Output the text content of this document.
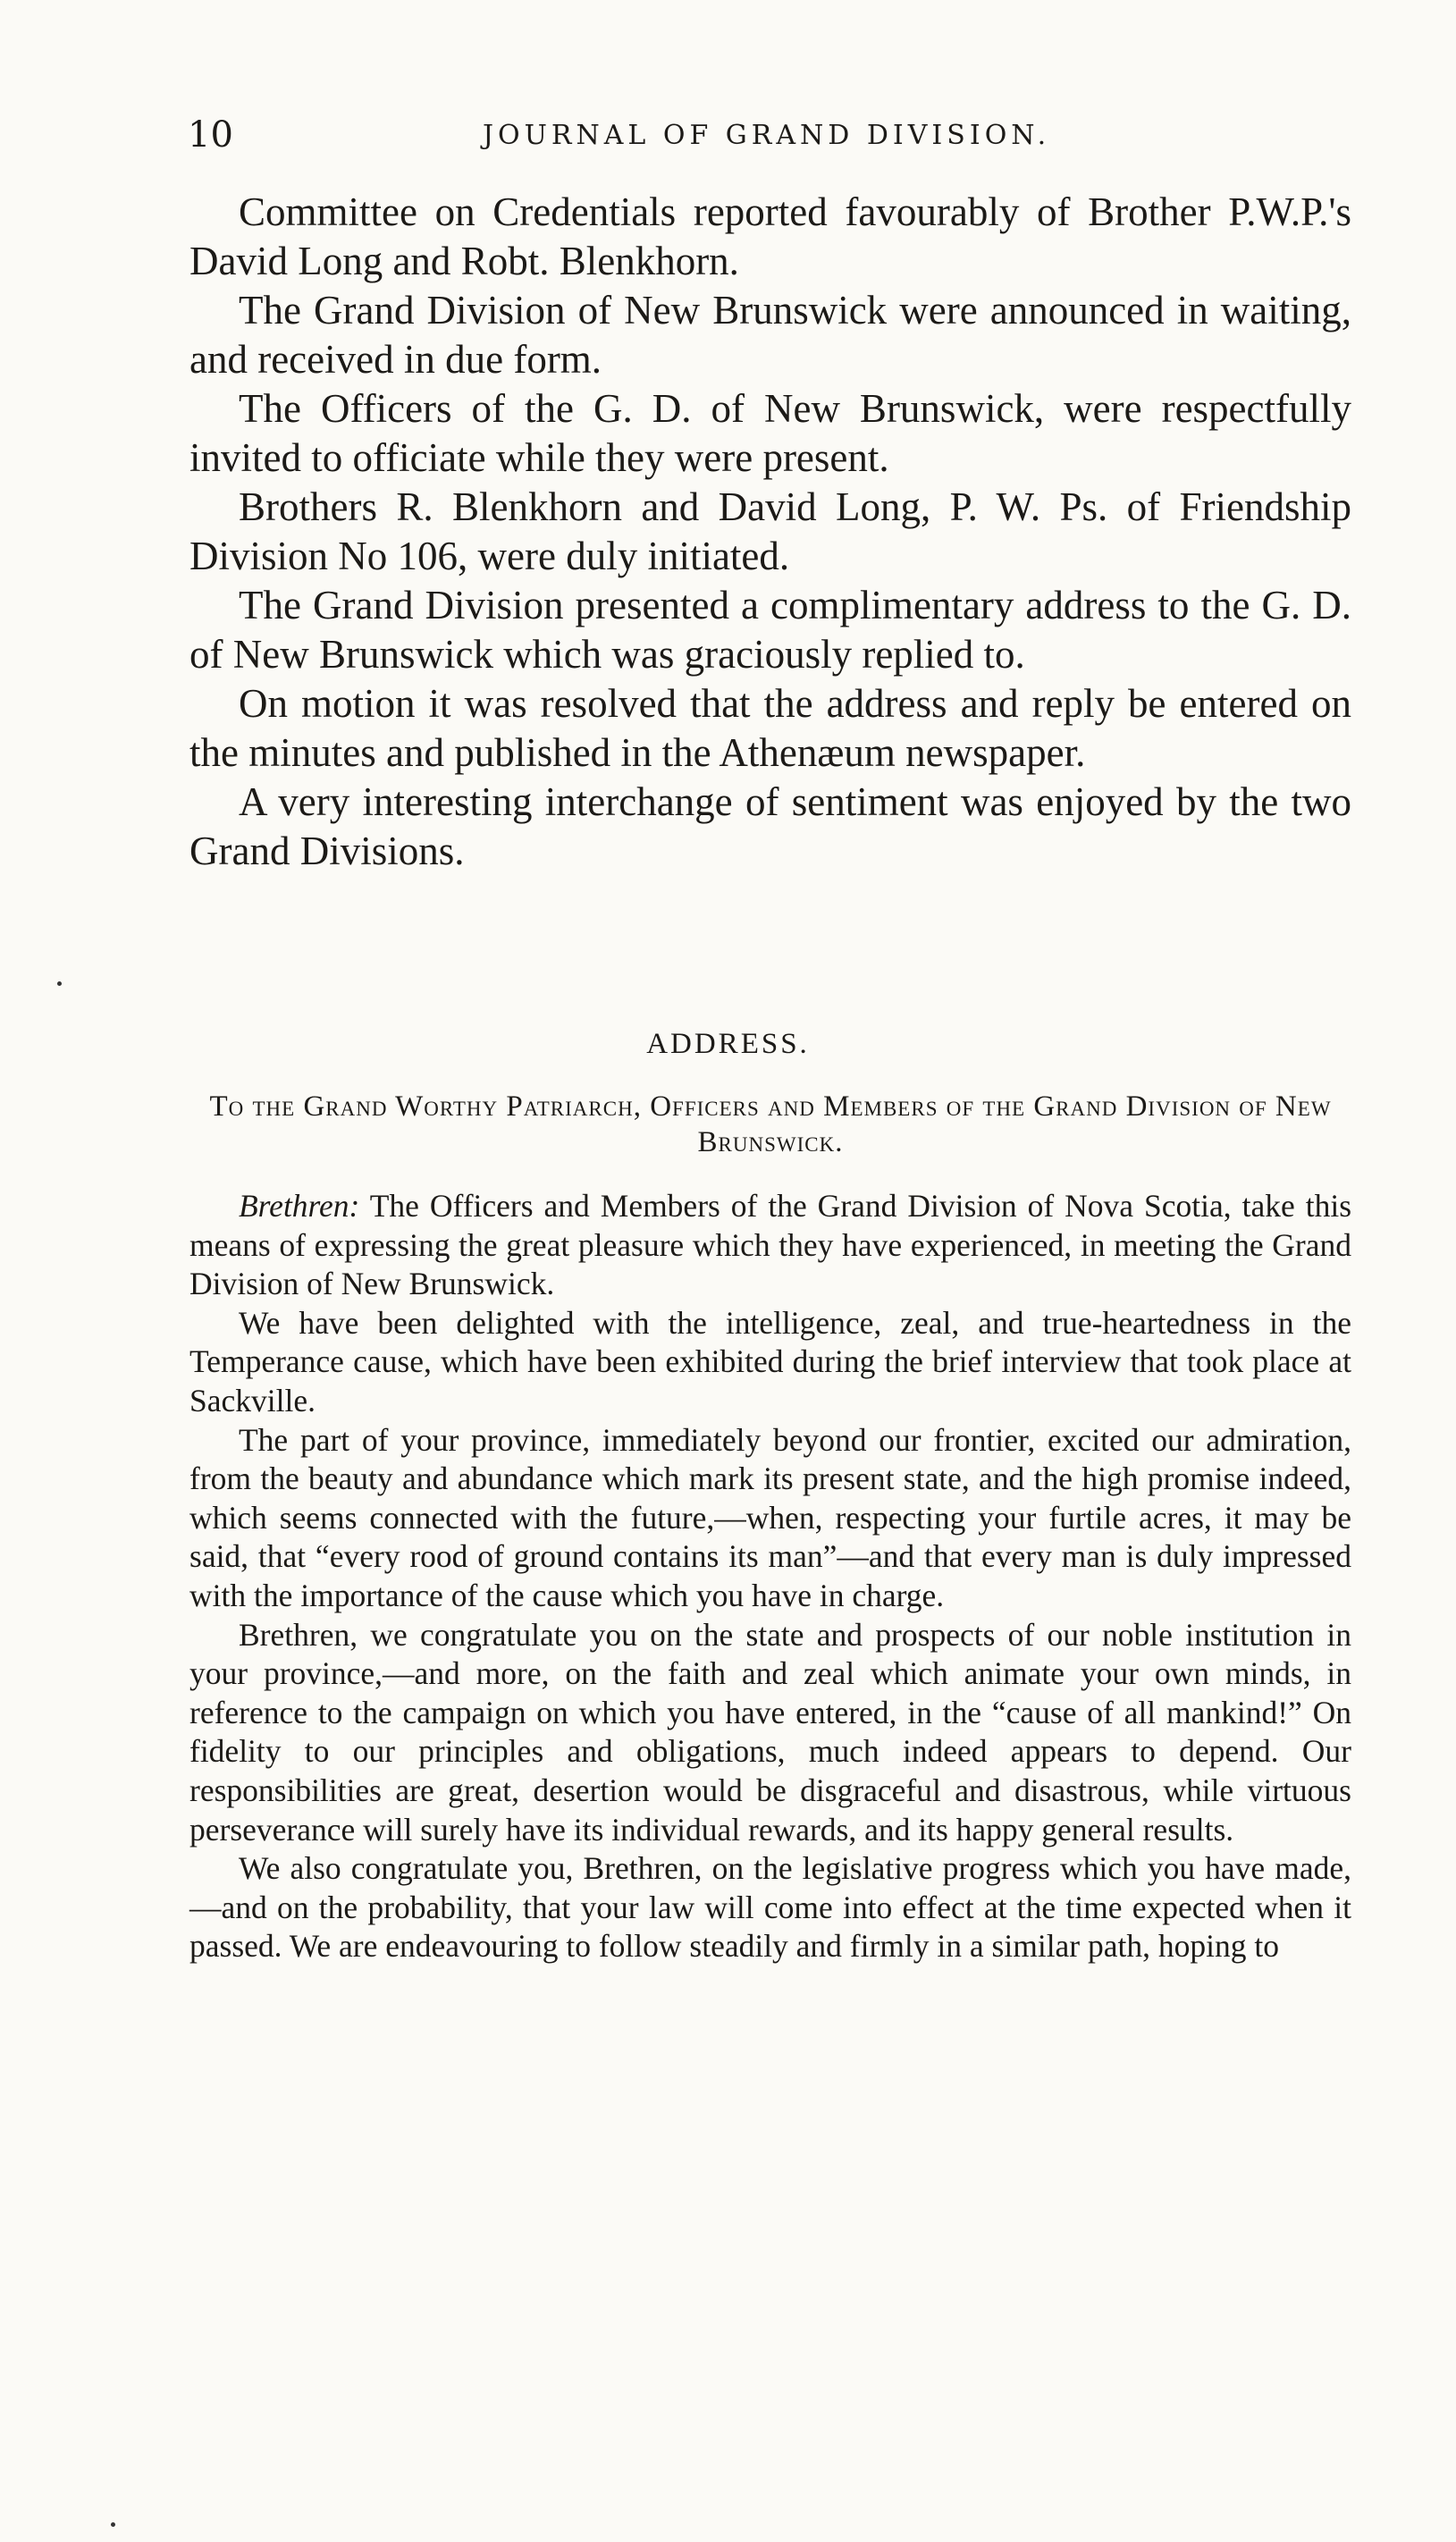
10	JOURNAL OF GRAND DIVISION.

Committee on Credentials reported favourably of Brother P.W.P.'s David Long and Robt. Blenkhorn.

The Grand Division of New Brunswick were announced in waiting, and received in due form.

The Officers of the G. D. of New Brunswick, were respectfully invited to officiate while they were present.

Brothers R. Blenkhorn and David Long, P. W. Ps. of Friendship Division No 106, were duly initiated.

The Grand Division presented a complimentary address to the G. D. of New Brunswick which was graciously replied to.

On motion it was resolved that the address and reply be entered on the minutes and published in the Athenæum newspaper.

A very interesting interchange of sentiment was enjoyed by the two Grand Divisions.

ADDRESS.
To the Grand Worthy Patriarch, Officers and Members of the Grand Division of New Brunswick.

Brethren: The Officers and Members of the Grand Division of Nova Scotia, take this means of expressing the great pleasure which they have experienced, in meeting the Grand Division of New Brunswick.

We have been delighted with the intelligence, zeal, and true-heartedness in the Temperance cause, which have been exhibited during the brief interview that took place at Sackville.

The part of your province, immediately beyond our frontier, excited our admiration, from the beauty and abundance which mark its present state, and the high promise indeed, which seems connected with the future,—when, respecting your furtile acres, it may be said, that “every rood of ground contains its man”—and that every man is duly impressed with the importance of the cause which you have in charge.

Brethren, we congratulate you on the state and prospects of our noble institution in your province,—and more, on the faith and zeal which animate your own minds, in reference to the campaign on which you have entered, in the “cause of all mankind!” On fidelity to our principles and obligations, much indeed appears to depend. Our responsibilities are great, desertion would be disgraceful and disastrous, while virtuous perseverance will surely have its individual rewards, and its happy general results.

We also congratulate you, Brethren, on the legislative progress which you have made,—and on the probability, that your law will come into effect at the time expected when it passed. We are endeavouring to follow steadily and firmly in a similar path, hoping to
